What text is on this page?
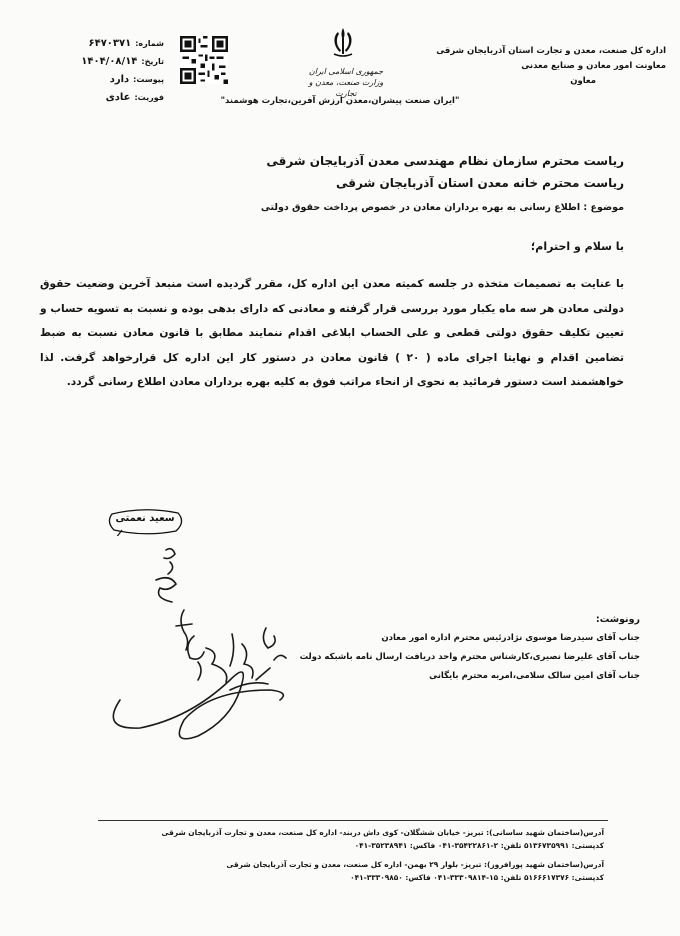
اداره کل صنعت، معدن و تجارت استان آذربایجان شرقی
معاونت امور معادن و صنایع معدنی
معاون
جمهوری اسلامی ایران
وزارت صنعت، معدن و تجارت
"ایران صنعت پیشران،معدن ارزش آفرین،تجارت هوشمند"
شماره:
۶۴۷۰۳۷۱
تاریخ:
۱۴۰۴/۰۸/۱۴
پیوست:
دارد
فوریت:
عادی
ریاست محترم سازمان نظام مهندسی معدن آذربایجان شرقی
ریاست محترم خانه معدن استان آذربایجان شرقی
موضوع : اطلاع رسانی به بهره برداران معادن در خصوص پرداخت حقوق دولتی
با سلام و احترام؛
با عنایت به تصمیمات متخذه در جلسه کمیته معدن این اداره کل، مقرر گردیده است منبعد آخرین وضعیت حقوق دولتی معادن هر سه ماه یکبار مورد بررسی قرار گرفته و معادنی که دارای بدهی بوده و نسبت به تسویه حساب و تعیین تکلیف حقوق دولتی قطعی و علی الحساب ابلاغی اقدام ننمایند مطابق با قانون معادن نسبت به ضبط تضامین اقدام و نهایتا اجرای ماده ( ۲۰ ) قانون معادن در دستور کار این اداره کل قرارخواهد گرفت. لذا خواهشمند است دستور فرمائید به نحوی از انحاء مراتب فوق به کلیه بهره برداران معادن اطلاع رسانی گردد.
سعید نعمتی
رونوشت:
جناب آقای سیدرضا موسوی نژادرئیس محترم اداره امور معادن
جناب آقای علیرضا نصیری،کارشناس محترم واحد دریافت ارسال نامه باشبکه دولت
جناب آقای امین سالک سلامی،امربه محترم بایگانی
آدرس(ساختمان شهید ساسانی): تبریز- خیابان ششگلان- کوی داش دربند- اداره کل صنعت، معدن و تجارت آذربایجان شرقی
کدپستی: ۵۱۳۶۷۳۵۹۹۱ تلفن: ۲-۳۵۴۲۲۸۶۱-۰۴۱ فاکس: ۳۵۲۳۸۹۴۱-۰۴۱
آدرس(ساختمان شهید پورافروز): تبریز- بلوار ۲۹ بهمن- اداره کل صنعت، معدن و تجارت آذربایجان شرقی
کدپستی: ۵۱۶۶۶۱۷۳۷۶ تلفن: ۱۵-۳۳۳۰۹۸۱۴-۰۴۱ فاکس: ۳۳۳۰۹۸۵۰-۰۴۱
